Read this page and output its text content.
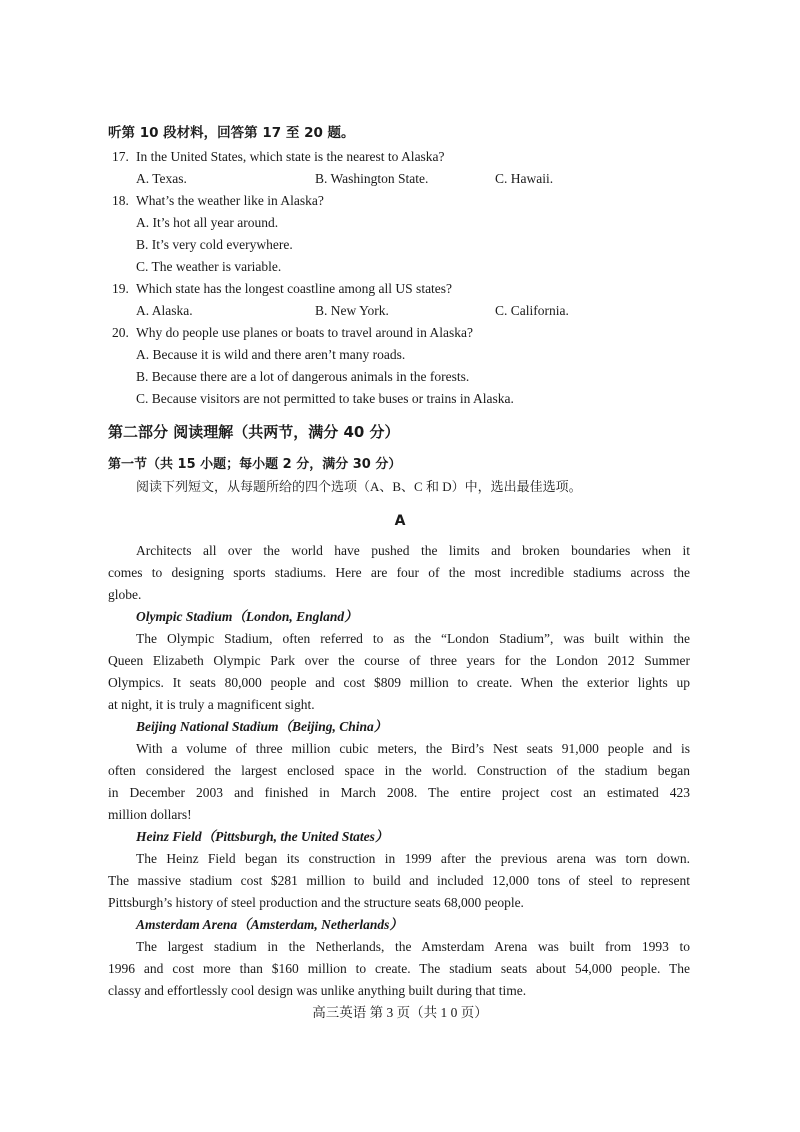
听第 10 段材料，回答第 17 至 20 题。
17. In the United States, which state is the nearest to Alaska?
A. Texas.	B. Washington State.	C. Hawaii.
18. What’s the weather like in Alaska?
A. It’s hot all year around.
B. It’s very cold everywhere.
C. The weather is variable.
19. Which state has the longest coastline among all US states?
A. Alaska.	B. New York.	C. California.
20. Why do people use planes or boats to travel around in Alaska?
A. Because it is wild and there aren’t many roads.
B. Because there are a lot of dangerous animals in the forests.
C. Because visitors are not permitted to take buses or trains in Alaska.
第二部分 阅读理解（共两节，满分 40 分）
第一节（共 15 小题；每小题 2 分，满分 30 分）
阅读下列短文，从每题所给的四个选项（A、B、C 和 D）中，选出最佳选项。
A
Architects all over the world have pushed the limits and broken boundaries when it
comes to designing sports stadiums. Here are four of the most incredible stadiums across the
globe.
Olympic Stadium（London, England）
The Olympic Stadium, often referred to as the “London Stadium”, was built within the
Queen Elizabeth Olympic Park over the course of three years for the London 2012 Summer
Olympics. It seats 80,000 people and cost $809 million to create. When the exterior lights up
at night, it is truly a magnificent sight.
Beijing National Stadium（Beijing, China）
With a volume of three million cubic meters, the Bird’s Nest seats 91,000 people and is
often considered the largest enclosed space in the world. Construction of the stadium began
in December 2003 and finished in March 2008. The entire project cost an estimated 423
million dollars!
Heinz Field（Pittsburgh, the United States）
The Heinz Field began its construction in 1999 after the previous arena was torn down.
The massive stadium cost $281 million to build and included 12,000 tons of steel to represent
Pittsburgh’s history of steel production and the structure seats 68,000 people.
Amsterdam Arena（Amsterdam, Netherlands）
The largest stadium in the Netherlands, the Amsterdam Arena was built from 1993 to
1996 and cost more than $160 million to create. The stadium seats about 54,000 people. The
classy and effortlessly cool design was unlike anything built during that time.
高三英语 第 3 页（共 1 0 页）
